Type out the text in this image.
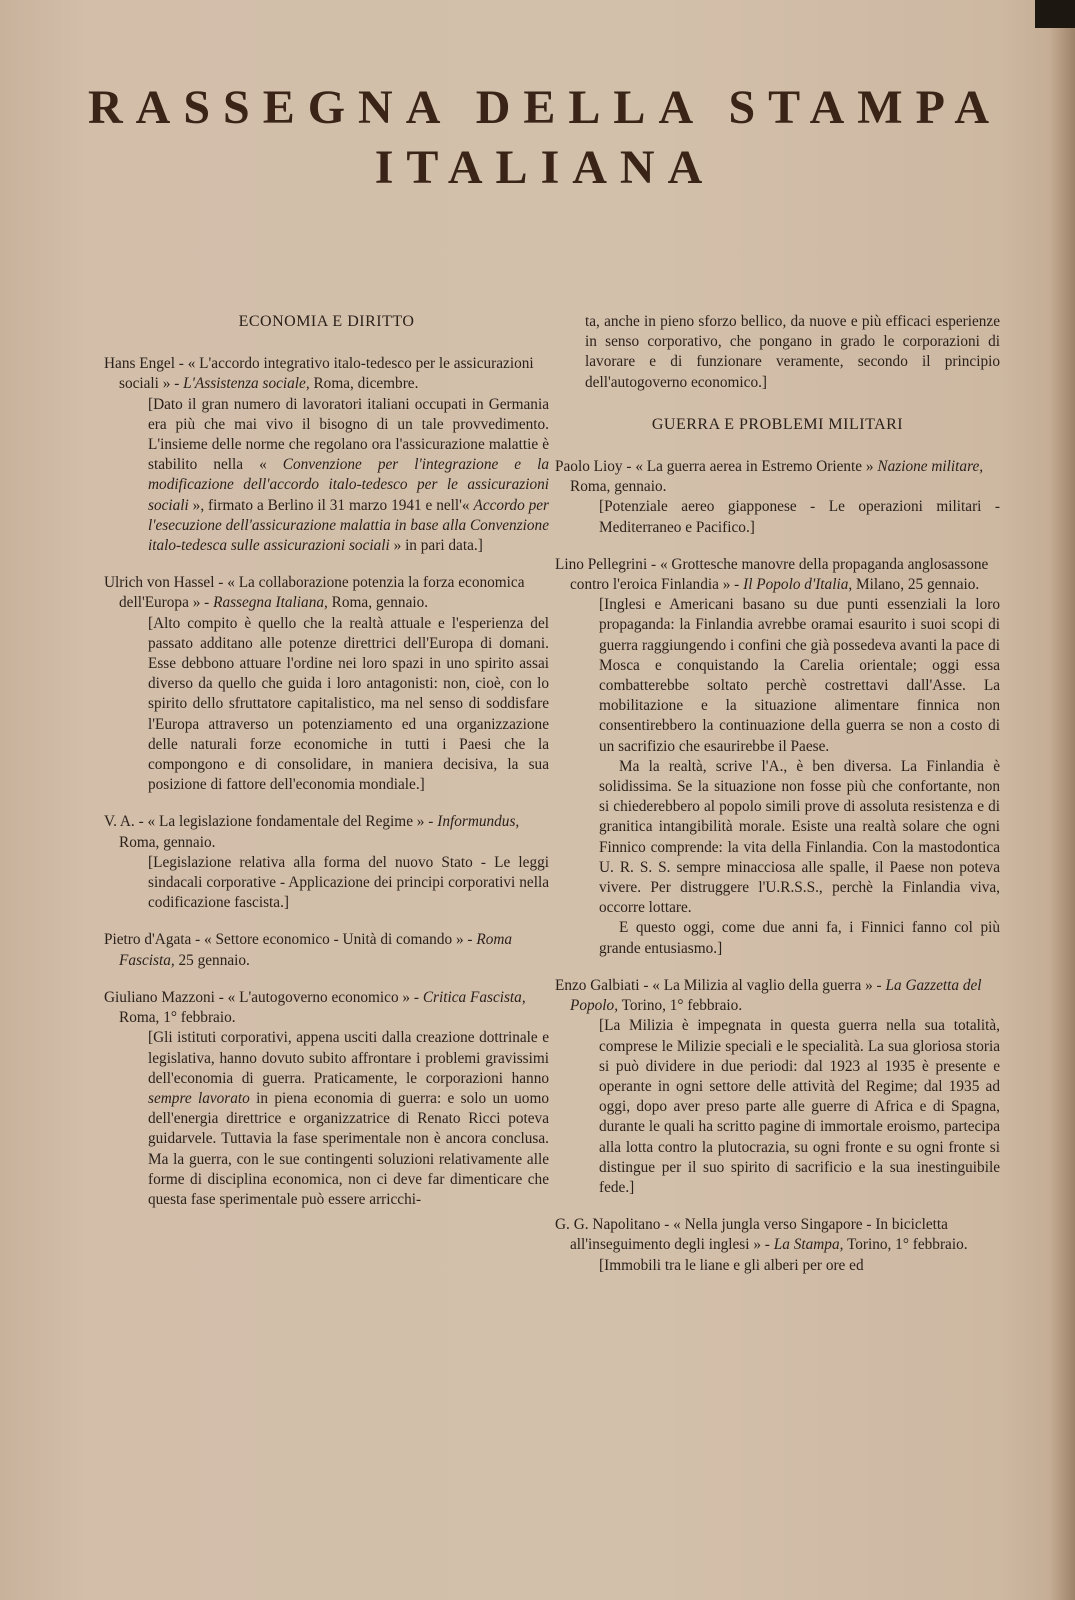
RASSEGNA DELLA STAMPA
ITALIANA
ECONOMIA E DIRITTO

Hans Engel - « L'accordo integrativo italo-tedesco per le assicurazioni sociali » - L'Assistenza sociale, Roma, dicembre.

[Dato il gran numero di lavoratori italiani occupati in Germania era più che mai vivo il bisogno di un tale provvedimento. L'insieme delle norme che regolano ora l'assicurazione malattie è stabilito nella « Convenzione per l'integrazione e la modificazione dell'accordo italo-tedesco per le assicurazioni sociali », firmato a Berlino il 31 marzo 1941 e nell'« Accordo per l'esecuzione dell'assicurazione malattia in base alla Convenzione italo-tedesca sulle assicurazioni sociali » in pari data.]

Ulrich von Hassel - « La collaborazione potenzia la forza economica dell'Europa » - Rassegna Italiana, Roma, gennaio.

[Alto compito è quello che la realtà attuale e l'esperienza del passato additano alle potenze direttrici dell'Europa di domani. Esse debbono attuare l'ordine nei loro spazi in uno spirito assai diverso da quello che guida i loro antagonisti: non, cioè, con lo spirito dello sfruttatore capitalistico, ma nel senso di soddisfare l'Europa attraverso un potenziamento ed una organizzazione delle naturali forze economiche in tutti i Paesi che la compongono e di consolidare, in maniera decisiva, la sua posizione di fattore dell'economia mondiale.]

V. A. - « La legislazione fondamentale del Regime » - Informundus, Roma, gennaio.

[Legislazione relativa alla forma del nuovo Stato - Le leggi sindacali corporative - Applicazione dei principi corporativi nella codificazione fascista.]

Pietro d'Agata - « Settore economico - Unità di comando » - Roma Fascista, 25 gennaio.

Giuliano Mazzoni - « L'autogoverno economico » - Critica Fascista, Roma, 1° febbraio.

[Gli istituti corporativi, appena usciti dalla creazione dottrinale e legislativa, hanno dovuto subito affrontare i problemi gravissimi dell'economia di guerra. Praticamente, le corporazioni hanno sempre lavorato in piena economia di guerra: e solo un uomo dell'energia direttrice e organizzatrice di Renato Ricci poteva guidarvele. Tuttavia la fase sperimentale non è ancora conclusa. Ma la guerra, con le sue contingenti soluzioni relativamente alle forme di disciplina economica, non ci deve far dimenticare che questa fase sperimentale può essere arricchi-

ta, anche in pieno sforzo bellico, da nuove e più efficaci esperienze in senso corporativo, che pongano in grado le corporazioni di lavorare e di funzionare veramente, secondo il principio dell'autogoverno economico.]

GUERRA E PROBLEMI MILITARI

Paolo Lioy - « La guerra aerea in Estremo Oriente » Nazione militare, Roma, gennaio.

[Potenziale aereo giapponese - Le operazioni militari - Mediterraneo e Pacifico.]

Lino Pellegrini - « Grottesche manovre della propaganda anglosassone contro l'eroica Finlandia » - Il Popolo d'Italia, Milano, 25 gennaio.

[Inglesi e Americani basano su due punti essenziali la loro propaganda: la Finlandia avrebbe oramai esaurito i suoi scopi di guerra raggiungendo i confini che già possedeva avanti la pace di Mosca e conquistando la Carelia orientale; oggi essa combatterebbe soltato perchè costrettavi dall'Asse. La mobilitazione e la situazione alimentare finnica non consentirebbero la continuazione della guerra se non a costo di un sacrifizio che esaurirebbe il Paese.

Ma la realtà, scrive l'A., è ben diversa. La Finlandia è solidissima. Se la situazione non fosse più che confortante, non si chiederebbero al popolo simili prove di assoluta resistenza e di granitica intangibilità morale. Esiste una realtà solare che ogni Finnico comprende: la vita della Finlandia. Con la mastodontica U. R. S. S. sempre minacciosa alle spalle, il Paese non poteva vivere. Per distruggere l'U.R.S.S., perchè la Finlandia viva, occorre lottare.

E questo oggi, come due anni fa, i Finnici fanno col più grande entusiasmo.]

Enzo Galbiati - « La Milizia al vaglio della guerra » - La Gazzetta del Popolo, Torino, 1° febbraio.

[La Milizia è impegnata in questa guerra nella sua totalità, comprese le Milizie speciali e le specialità. La sua gloriosa storia si può dividere in due periodi: dal 1923 al 1935 è presente e operante in ogni settore delle attività del Regime; dal 1935 ad oggi, dopo aver preso parte alle guerre di Africa e di Spagna, durante le quali ha scritto pagine di immortale eroismo, partecipa alla lotta contro la plutocrazia, su ogni fronte e su ogni fronte si distingue per il suo spirito di sacrificio e la sua inestinguibile fede.]

G. G. Napolitano - « Nella jungla verso Singapore - In bicicletta all'inseguimento degli inglesi » - La Stampa, Torino, 1° febbraio.

[Immobili tra le liane e gli alberi per ore ed
